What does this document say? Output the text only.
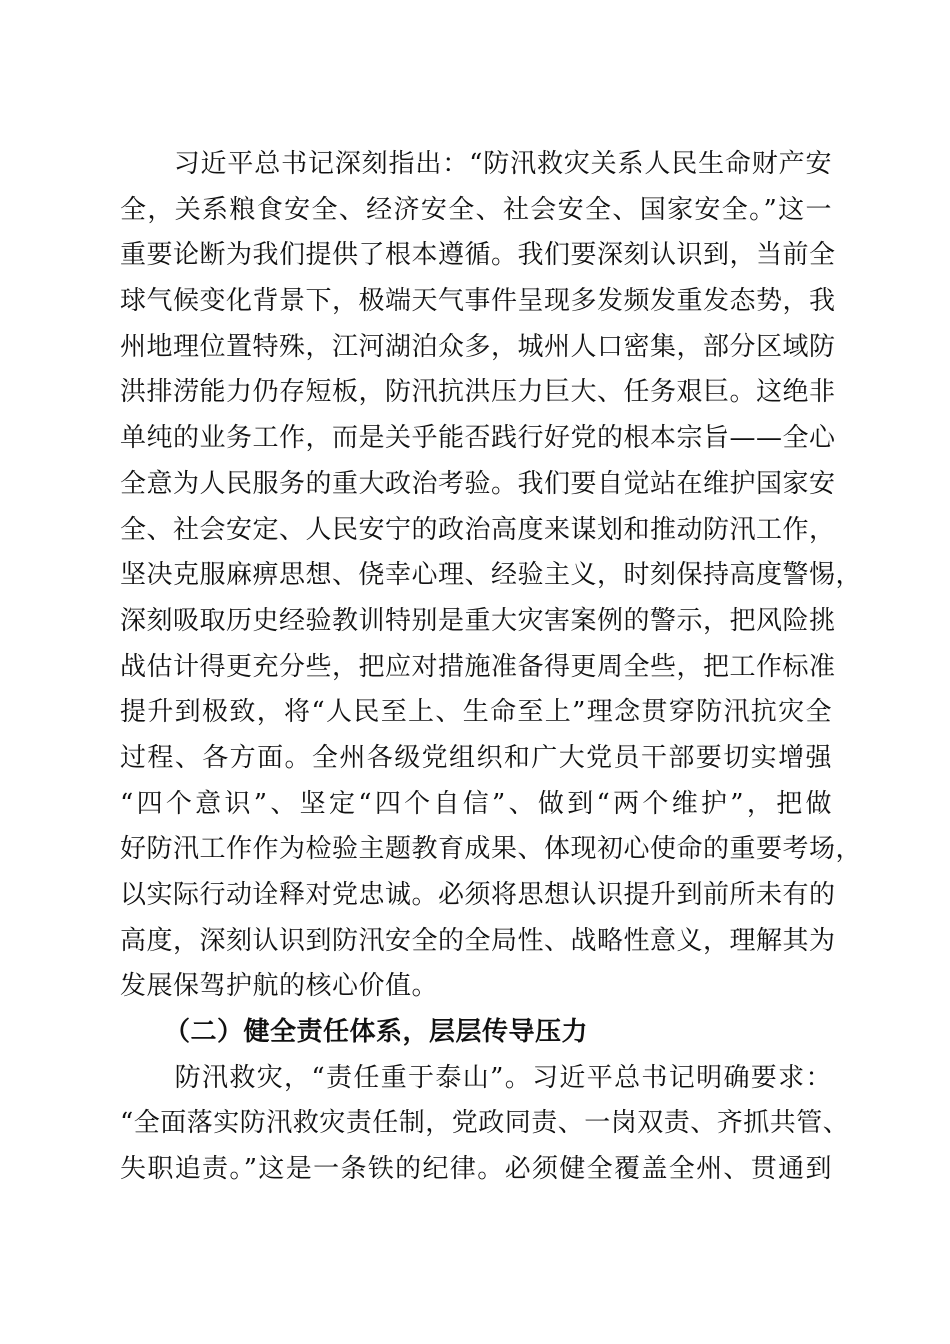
　　习近平总书记深刻指出：“防汛救灾关系人民生命财产安
全，关系粮食安全、经济安全、社会安全、国家安全。”这一
重要论断为我们提供了根本遵循。我们要深刻认识到，当前全
球气候变化背景下，极端天气事件呈现多发频发重发态势，我
州地理位置特殊，江河湖泊众多，城州人口密集，部分区域防
洪排涝能力仍存短板，防汛抗洪压力巨大、任务艰巨。这绝非
单纯的业务工作，而是关乎能否践行好党的根本宗旨——全心
全意为人民服务的重大政治考验。我们要自觉站在维护国家安
全、社会安定、人民安宁的政治高度来谋划和推动防汛工作，
坚决克服麻痹思想、侥幸心理、经验主义，时刻保持高度警惕，
深刻吸取历史经验教训特别是重大灾害案例的警示，把风险挑
战估计得更充分些，把应对措施准备得更周全些，把工作标准
提升到极致，将“人民至上、生命至上”理念贯穿防汛抗灾全
过程、各方面。全州各级党组织和广大党员干部要切实增强
“四个意识”、坚定“四个自信”、做到“两个维护”，把做
好防汛工作作为检验主题教育成果、体现初心使命的重要考场，
以实际行动诠释对党忠诚。必须将思想认识提升到前所未有的
高度，深刻认识到防汛安全的全局性、战略性意义，理解其为
发展保驾护航的核心价值。
（二）健全责任体系，层层传导压力
　　防汛救灾，“责任重于泰山”。习近平总书记明确要求：
“全面落实防汛救灾责任制，党政同责、一岗双责、齐抓共管、
失职追责。”这是一条铁的纪律。必须健全覆盖全州、贯通到
